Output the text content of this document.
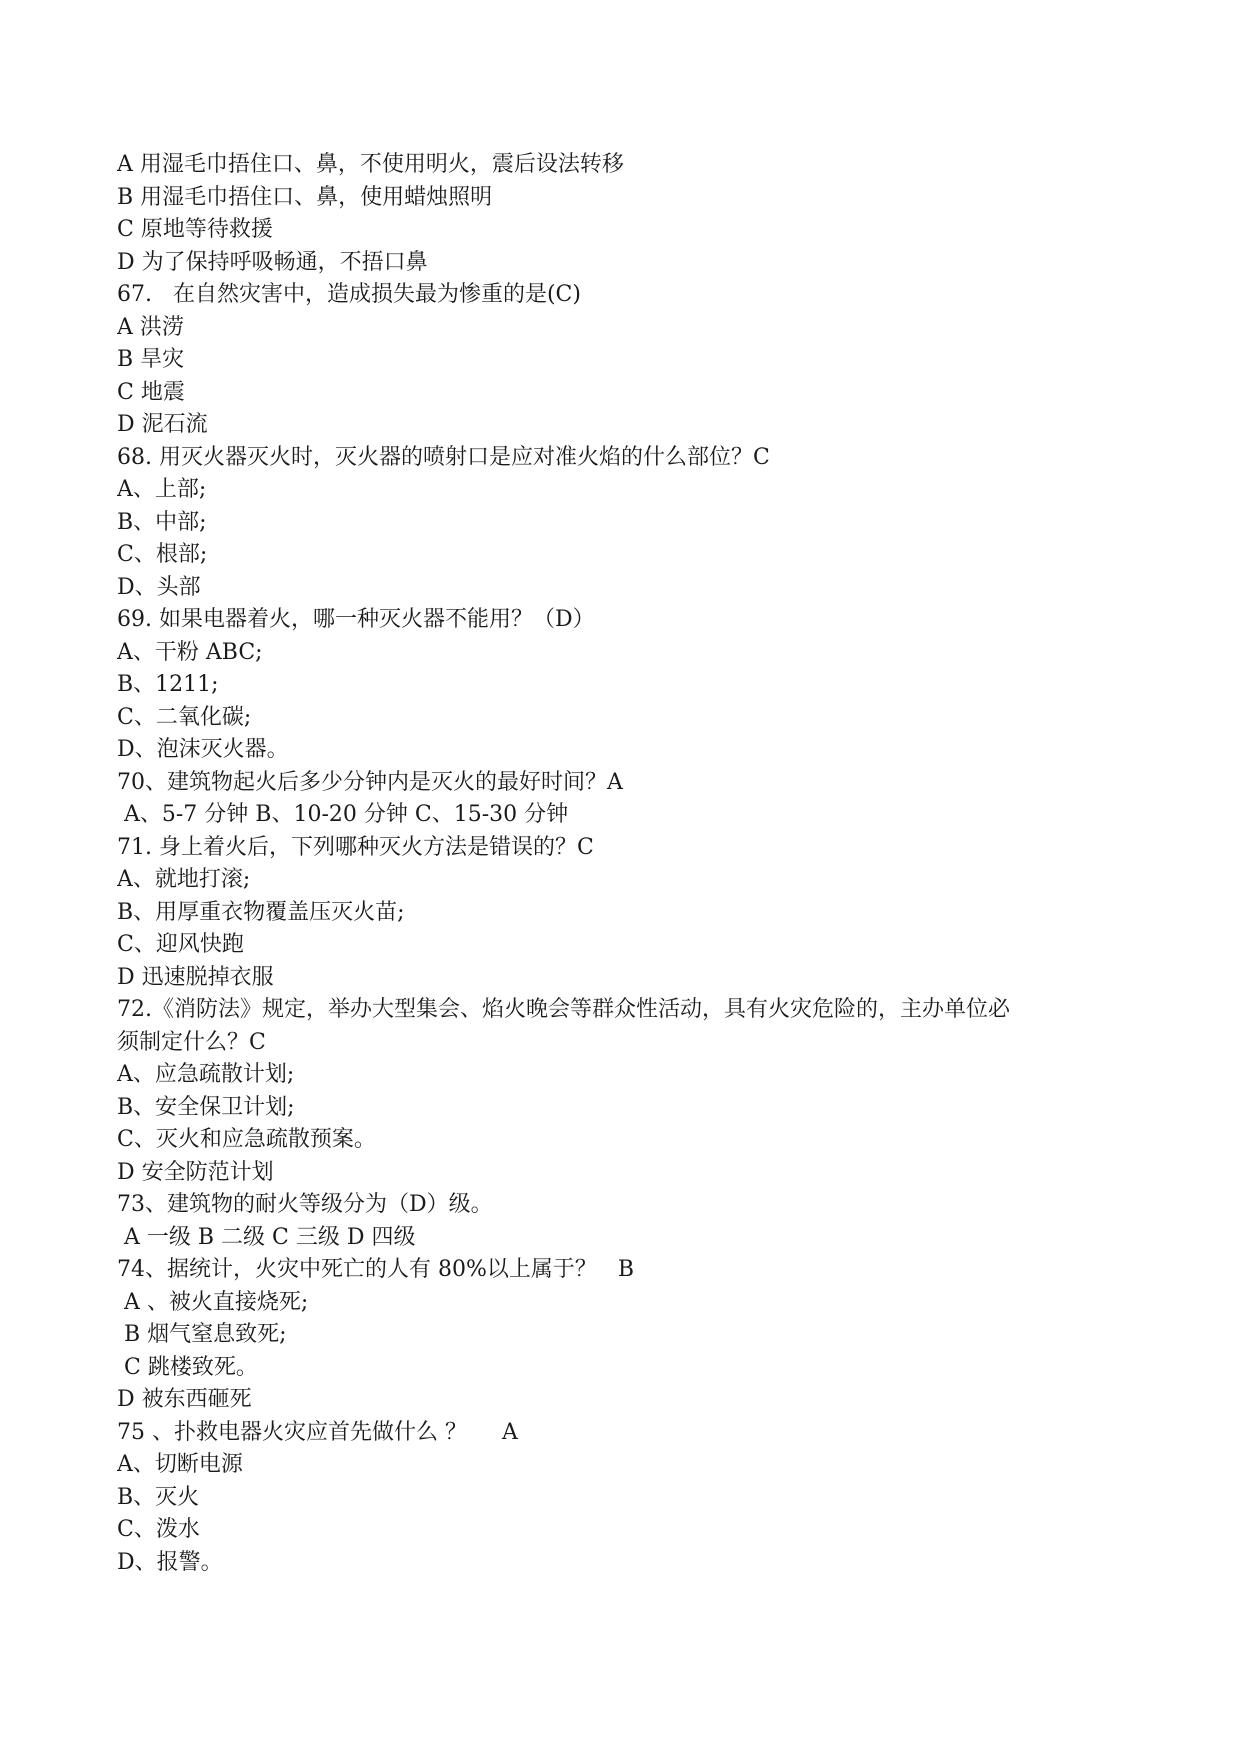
A 用湿毛巾捂住口、鼻，不使用明火，震后设法转移
B 用湿毛巾捂住口、鼻，使用蜡烛照明
C 原地等待救援
D 为了保持呼吸畅通，不捂口鼻
67.   在自然灾害中，造成损失最为惨重的是(C)
A 洪涝
B 旱灾
C 地震
D 泥石流
68. 用灭火器灭火时，灭火器的喷射口是应对准火焰的什么部位？C
A、上部;
B、中部;
C、根部;
D、头部
69. 如果电器着火，哪一种灭火器不能用？（D）
A、干粉 ABC;
B、1211;
C、二氧化碳;
D、泡沫灭火器。
70、建筑物起火后多少分钟内是灭火的最好时间？A
A、5-7 分钟 B、10-20 分钟 C、15-30 分钟
71. 身上着火后，下列哪种灭火方法是错误的？C
A、就地打滚;
B、用厚重衣物覆盖压灭火苗;
C、迎风快跑
D 迅速脱掉衣服
72.《消防法》规定，举办大型集会、焰火晚会等群众性活动，具有火灾危险的，主办单位必
须制定什么？C
A、应急疏散计划;
B、安全保卫计划;
C、灭火和应急疏散预案。
D 安全防范计划
73、建筑物的耐火等级分为（D）级。
A 一级 B 二级 C 三级 D 四级
74、据统计，火灾中死亡的人有 80%以上属于？   B
A 、被火直接烧死;
B 烟气窒息致死;
C 跳楼致死。
D 被东西砸死
75 、扑救电器火灾应首先做什么 ？     A
A、切断电源
B、灭火
C、泼水
D、报警。
